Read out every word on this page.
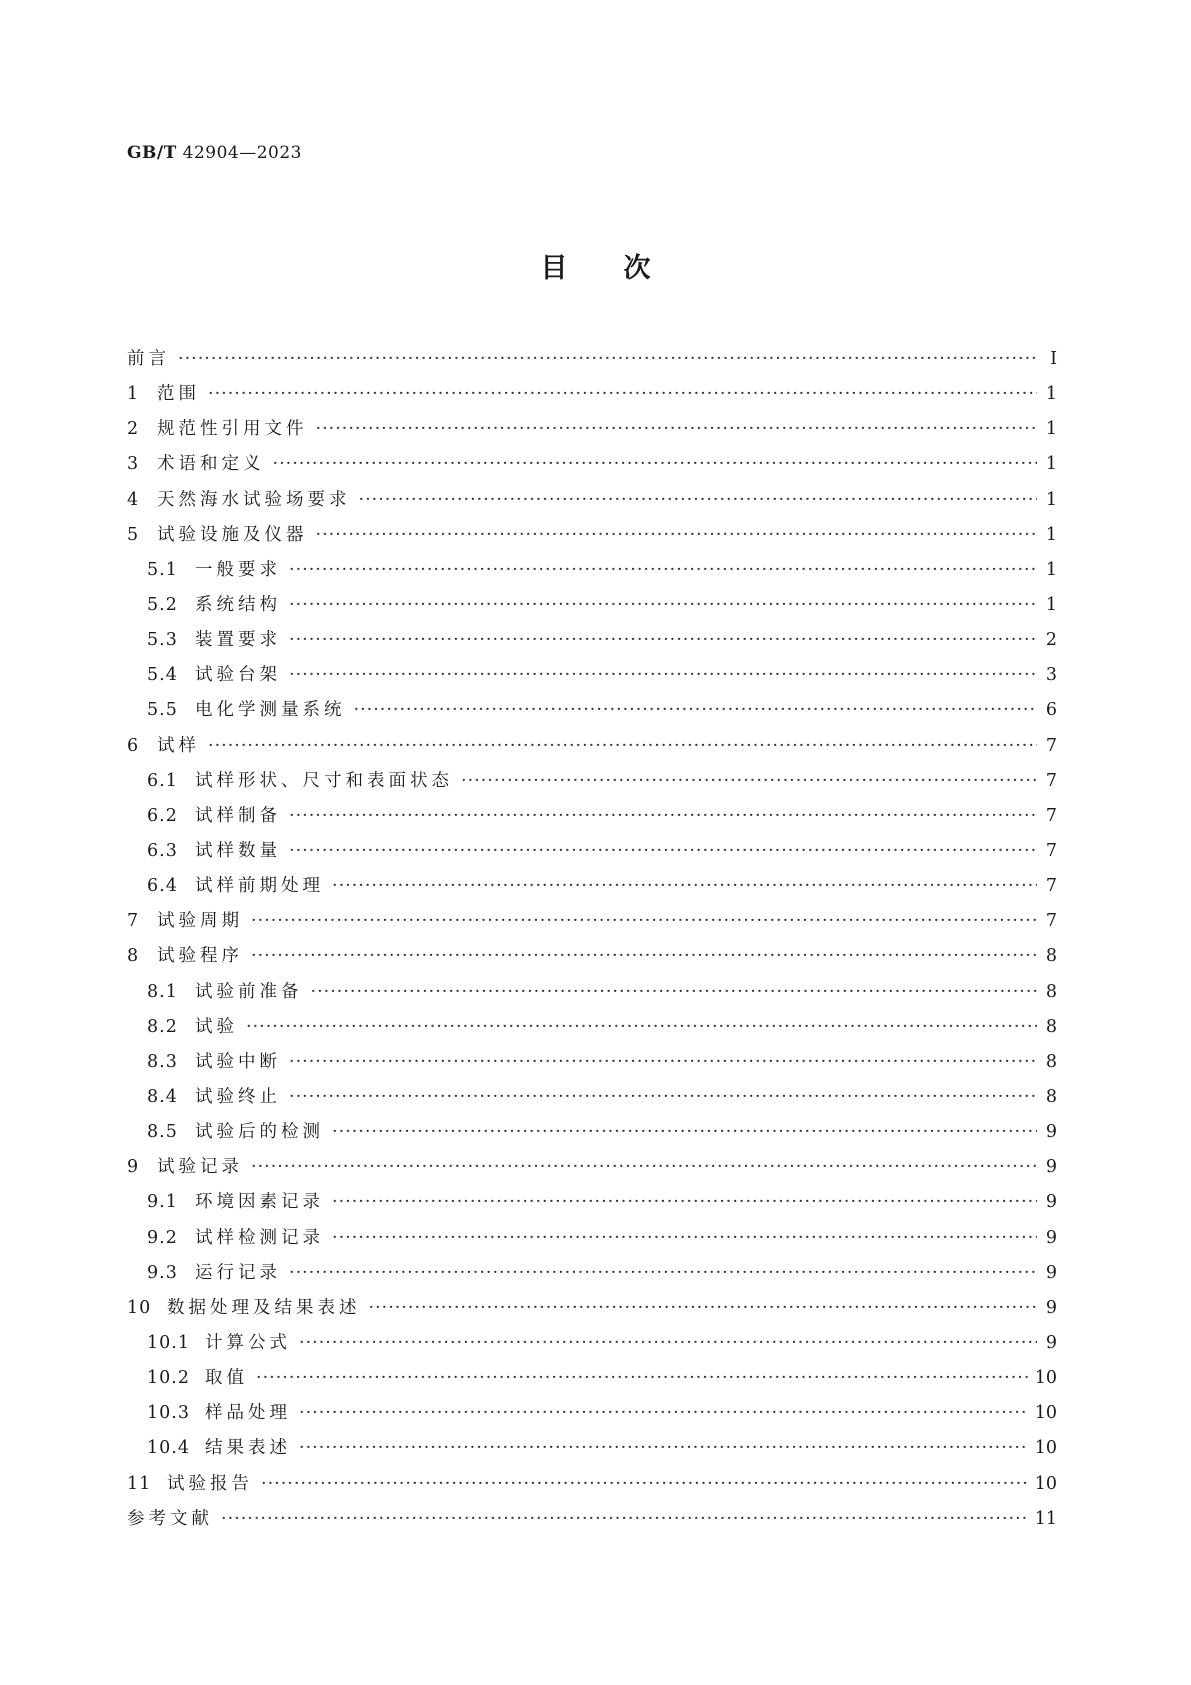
GB/T 42904—2023
目次
前言 ·····	Ⅰ
1	范围 ·····	1
2	规范性引用文件 ·····	1
3	术语和定义 ·····	1
4	天然海水试验场要求 ·····	1
5	试验设施及仪器 ·····	1
5.1 一般要求 ·····	1
5.2 系统结构 ·····	1
5.3 装置要求 ·····	2
5.4 试验台架 ·····	3
5.5 电化学测量系统 ·····	6
6	试样 ·····	7
6.1 试样形状、尺寸和表面状态 ·····	7
6.2 试样制备 ·····	7
6.3 试样数量 ·····	7
6.4 试样前期处理 ·····	7
7	试验周期 ·····	7
8	试验程序 ·····	8
8.1 试验前准备 ·····	8
8.2 试验 ·····	8
8.3 试验中断 ·····	8
8.4 试验终止 ·····	8
8.5 试验后的检测 ·····	9
9	试验记录 ·····	9
9.1 环境因素记录 ·····	9
9.2 试样检测记录 ·····	9
9.3 运行记录 ·····	9
10 数据处理及结果表述 ·····	9
10.1 计算公式 ·····	9
10.2 取值 ·····	10
10.3 样品处理 ·····	10
10.4 结果表述 ·····	10
11 试验报告 ·····	10
参考文献 ·····	11
